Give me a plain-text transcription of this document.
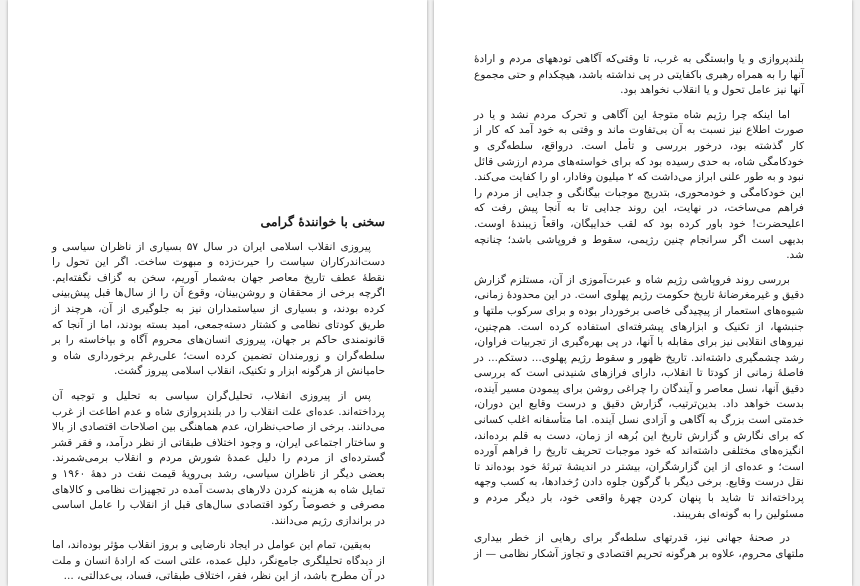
سخنی با خوانندهٔ گرامی

پیروزی انقلاب اسلامی ایران در سال ۵۷ بسیاری از ناظران سیاسی و دست‌اندرکاران سیاست را حیرت‌زده و مبهوت ساخت. اگر این تحول را نقطهٔ عطف تاریخ معاصر جهان به‌شمار آوریم، سخن به گزاف نگفته‌ایم. اگرچه برخی از محققان و روشن‌بینان، وقوع آن را از سال‌ها قبل پیش‌بینی کرده بودند، و بسیاری از سیاستمداران نیز به جلوگیری از آن، هرچند از طریق کودتای نظامی و کشتار دسته‌جمعی، امید بسته بودند، اما از آنجا که قانونمندی حاکم بر جهان، پیروزی انسان‌های محروم آگاه و بپاخاسته را بر سلطه‌گران و زورمندان تضمین کرده است؛ علی‌رغم برخورداری شاه و حامیانش از هرگونه ابزار و تکنیک، انقلاب اسلامی پیروز گشت.

پس از پیروزی انقلاب، تحلیل‌گران سیاسی به تحلیل و توجیه آن پرداخته‌اند. عده‌ای علت انقلاب را در بلندپروازی شاه و عدم اطاعت از غرب می‌دانند. برخی از صاحب‌نظران، عدم هماهنگی بین اصلاحات اقتصادی از بالا و ساختار اجتماعی ایران، و وجود اختلاف طبقاتی از نظر درآمد، و فقر قشر گسترده‌ای از مردم را دلیل عمدهٔ شورش مردم و انقلاب برمی‌شمرند. بعضی دیگر از ناظران سیاسی، رشد بی‌رویهٔ قیمت نفت در دههٔ ۱۹۶۰ و تمایل شاه به هزینه کردن دلارهای بدست آمده در تجهیزات نظامی و کالاهای مصرفی و خصوصاً رکود اقتصادی سال‌های قبل از انقلاب را عامل اساسی در براندازی رژیم می‌دانند.

به‌یقین، تمام این عوامل در ایجاد نارضایی و بروز انقلاب مؤثر بوده‌اند، اما از دیدگاه تحلیلگری جامع‌نگر، دلیل عمده، علتی است که ارادهٔ انسان و ملت در آن مطرح باشد، از این نظر، فقر، اختلاف طبقاتی، فساد، بی‌عدالتی، ...

بلندپروازی و یا وابستگی به غرب، تا وقتی‌که آگاهی تودههای مردم و ارادهٔ آنها را به همراه رهبری باکفایتی در پی نداشته باشد، هیچکدام و حتی مجموع آنها نیز عامل تحول و یا انقلاب نخواهد بود.

اما اینکه چرا رژیم شاه متوجهٔ این آگاهی و تحرک مردم نشد و یا در صورت اطلاع نیز نسبت به آن بی‌تفاوت ماند و وقتی به خود آمد که کار از کار گذشته بود، درخور بررسی و تأمل است. درواقع، سلطه‌گری و خودکامگی شاه، به حدی رسیده بود که برای خواسته‌های مردم ارزشی قائل نبود و به طور علنی ابراز می‌داشت که ۲ میلیون وفادار، او را کفایت می‌کند. این خودکامگی و خودمحوری، بتدریج موجبات بیگانگی و جدایی از مردم را فراهم می‌ساخت، در نهایت، این روند جدایی تا به آنجا پیش رفت که اعلیحضرت! خود باور کرده بود که لقب خداییگان، واقعاً زیبندهٔ اوست. بدیهی است اگر سرانجام چنین رژیمی، سقوط و فروپاشی باشد؛ چنانچه شد.

بررسی روند فروپاشی رژیم شاه و عبرت‌آموزی از آن، مستلزم گزارش دقیق و غیرمغرضانهٔ تاریخ حکومت رژیم پهلوی است. در این محدودهٔ زمانی، شیوه‌های استعمار از پیچیدگی خاصی برخوردار بوده و برای سرکوب ملتها و جنبشها، از تکنیک و ابزارهای پیشرفته‌ای استفاده کرده است. هم‌چنین، نیروهای انقلابی نیز برای مقابله با آنها، در پی بهره‌گیری از تجربیات فراوان، رشد چشمگیری داشته‌اند. تاریخ ظهور و سقوط رژیم پهلوی... دستکم... در فاصلهٔ زمانی از کودتا تا انقلاب، دارای فراز‌های شنیدنی است که بررسی دقیق آنها، نسل معاصر و آیندگان را چراغی روشن برای پیمودن مسیر آینده، بدست خواهد داد. بدین‌ترتیب، گزارش دقیق و درست وقایع این دوران، خدمتی است بزرگ به آگاهی و آزادی نسل آینده. اما متأسفانه اغلب کسانی که برای نگارش و گزارش تاریخ این بُرهه از زمان، دست به قلم برده‌اند، انگیزه‌های مختلفی داشته‌اند که خود موجبات تحریف تاریخ را فراهم آورده است؛ و عده‌ای از این گزارشگران، بیشتر در اندیشهٔ تبرئهٔ خود بوده‌اند تا نقل درست وقایع. برخی دیگر با گرگون جلوه دادن رُخدادها، به کسب وجهه پرداخته‌اند تا شاید با پنهان کردن چهرهٔ واقعی خود، بار دیگر مردم و مسئولین را به گونه‌ای بفریبند.

در صحنهٔ جهانی نیز، قدرتهای سلطه‌گر برای رهایی از خطر بیداری ملتهای محروم، علاوه بر هرگونه تحریم اقتصادی و تجاوز آشکار نظامی — از
